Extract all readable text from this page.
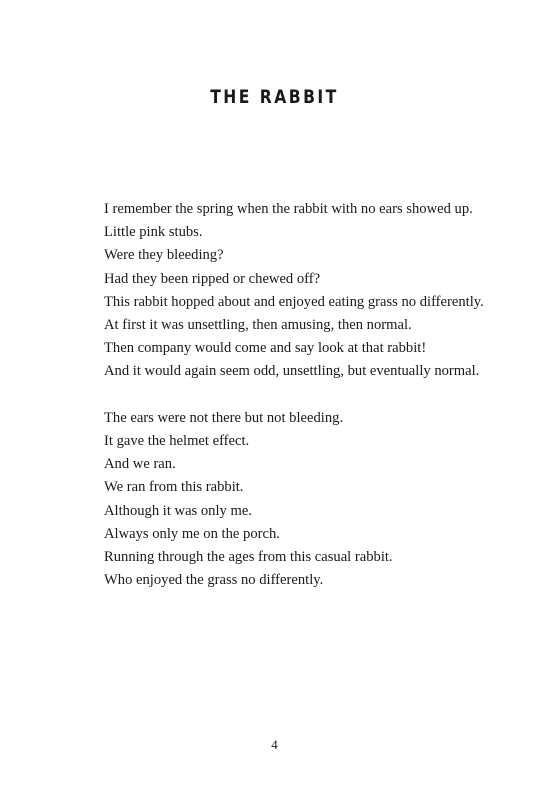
THE RABBIT

I remember the spring when the rabbit with no ears showed up.
Little pink stubs.
Were they bleeding?
Had they been ripped or chewed off?
This rabbit hopped about and enjoyed eating grass no differently.
At first it was unsettling, then amusing, then normal.
Then company would come and say look at that rabbit!
And it would again seem odd, unsettling, but eventually normal.

The ears were not there but not bleeding.
It gave the helmet effect.
And we ran.
We ran from this rabbit.
Although it was only me.
Always only me on the porch.
Running through the ages from this casual rabbit.
Who enjoyed the grass no differently.

4
